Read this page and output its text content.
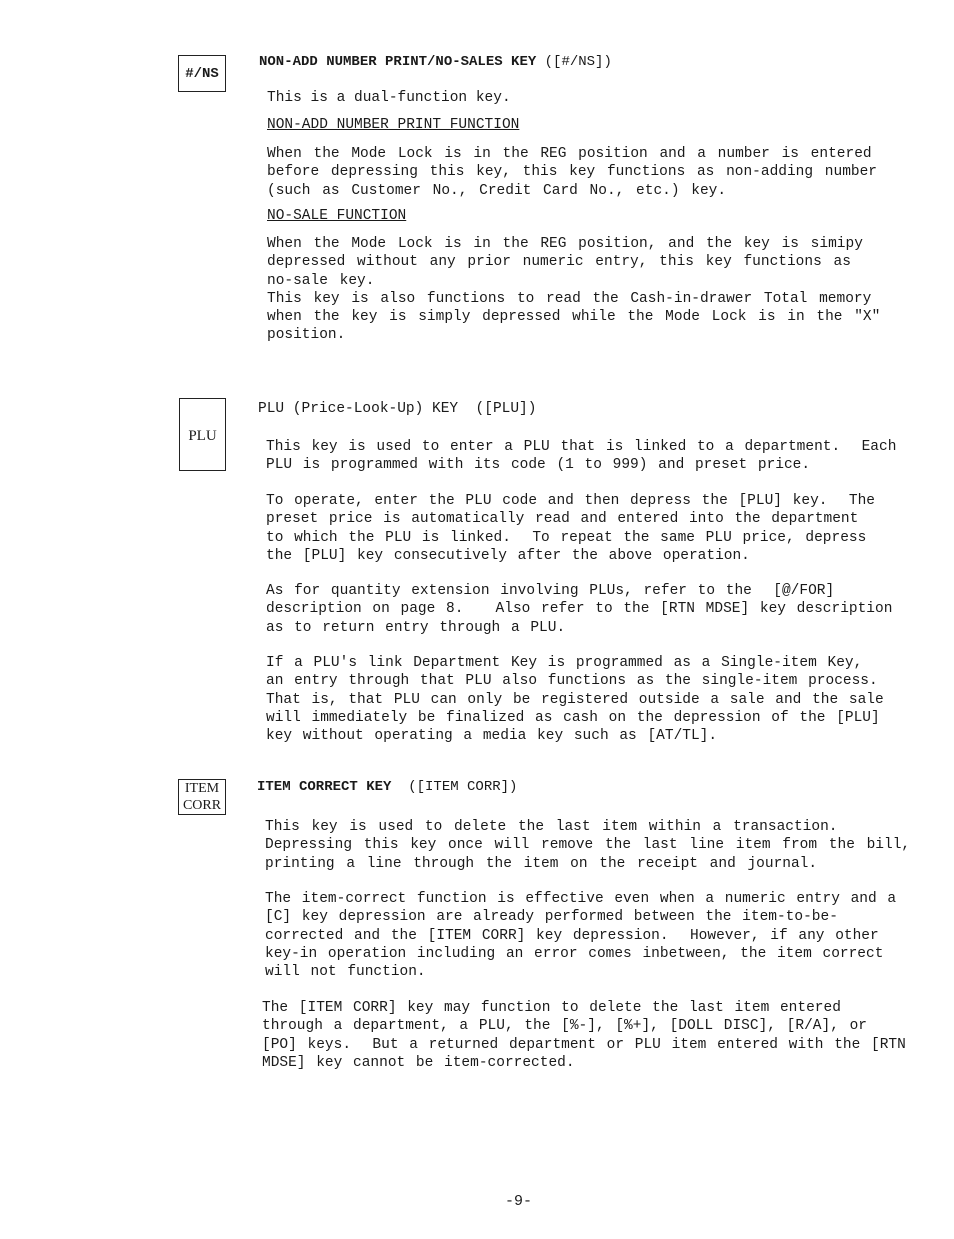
#/NS
NON-ADD NUMBER PRINT/NO-SALES KEY ([#/NS])

This is a dual-function key.

NON-ADD NUMBER PRINT FUNCTION

When the Mode Lock is in the REG position and a number is entered
before depressing this key, this key functions as non-adding number
(such as Customer No., Credit Card No., etc.) key.

NO-SALE FUNCTION

When the Mode Lock is in the REG position, and the key is simipy
depressed without any prior numeric entry, this key functions as
no-sale key.
This key is also functions to read the Cash-in-drawer Total memory
when the key is simply depressed while the Mode Lock is in the "X"
position.

PLU
PLU (Price-Look-Up) KEY  ([PLU])

This key is used to enter a PLU that is linked to a department.  Each
PLU is programmed with its code (1 to 999) and preset price.

To operate, enter the PLU code and then depress the [PLU] key.  The
preset price is automatically read and entered into the department
to which the PLU is linked.  To repeat the same PLU price, depress
the [PLU] key consecutively after the above operation.

As for quantity extension involving PLUs, refer to the  [@/FOR]
description on page 8.   Also refer to the [RTN MDSE] key description
as to return entry through a PLU.

If a PLU's link Department Key is programmed as a Single-item Key,
an entry through that PLU also functions as the single-item process.
That is, that PLU can only be registered outside a sale and the sale
will immediately be finalized as cash on the depression of the [PLU]
key without operating a media key such as [AT/TL].

ITEM
CORR
ITEM CORRECT KEY  ([ITEM CORR])

This key is used to delete the last item within a transaction.
Depressing this key once will remove the last line item from the bill,
printing a line through the item on the receipt and journal.

The item-correct function is effective even when a numeric entry and a
[C] key depression are already performed between the item-to-be-
corrected and the [ITEM CORR] key depression.  However, if any other
key-in operation including an error comes inbetween, the item correct
will not function.

The [ITEM CORR] key may function to delete the last item entered
through a department, a PLU, the [%-], [%+], [DOLL DISC], [R/A], or
[PO] keys.  But a returned department or PLU item entered with the [RTN
MDSE] key cannot be item-corrected.

-9-
